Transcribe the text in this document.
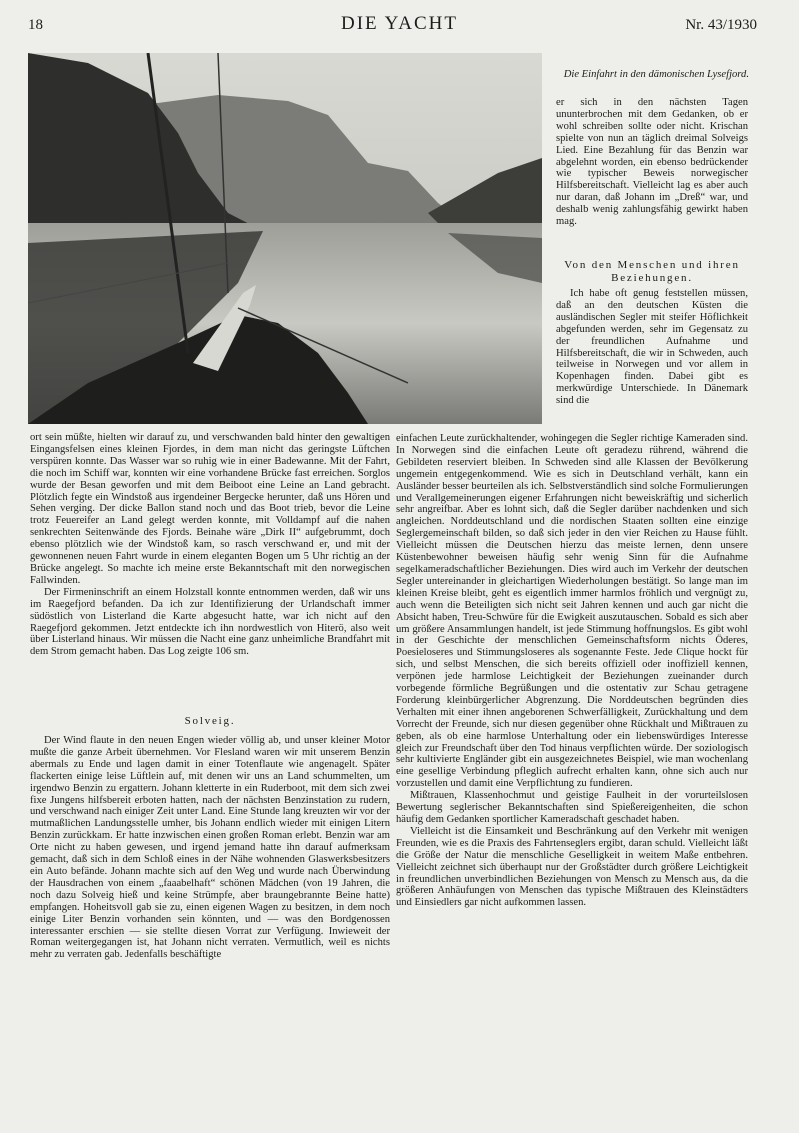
18	DIE YACHT	Nr. 43/1930
Die Einfahrt in den dämonischen Lysefjord.

er sich in den nächsten Tagen ununterbrochen mit dem Gedanken, ob er wohl schreiben sollte oder nicht. Krischan spielte von nun an täglich dreimal Solveigs Lied. Eine Bezahlung für das Benzin war abgelehnt worden, ein ebenso bedrückender wie typischer Beweis norwegischer Hilfsbereitschaft. Vielleicht lag es aber auch nur daran, daß Johann im „Dreß“ war, und deshalb wenig zahlungsfähig gewirkt haben mag.

Von den Menschen und ihren Beziehungen.

Ich habe oft genug feststellen müssen, daß an den deutschen Küsten die ausländischen Segler mit steifer Höflichkeit abgefunden werden, sehr im Gegensatz zu der freundlichen Aufnahme und Hilfsbereitschaft, die wir in Schweden, auch teilweise in Norwegen und vor allem in Kopenhagen finden. Dabei gibt es merkwürdige Unterschiede. In Dänemark sind die

ort sein müßte, hielten wir darauf zu, und verschwanden bald hinter den gewaltigen Eingangsfelsen eines kleinen Fjordes, in dem man nicht das geringste Lüftchen verspüren konnte. Das Wasser war so ruhig wie in einer Badewanne. Mit der Fahrt, die noch im Schiff war, konnten wir eine vorhandene Brücke fast erreichen. Sorglos wurde der Besan geworfen und mit dem Beiboot eine Leine an Land gebracht. Plötzlich fegte ein Windstoß aus irgendeiner Bergecke herunter, daß uns Hören und Sehen verging. Der dicke Ballon stand noch und das Boot trieb, bevor die Leine trotz Feuereifer an Land gelegt werden konnte, mit Volldampf auf die nahen senkrechten Seitenwände des Fjords. Beinahe wäre „Dirk II“ aufgebrummt, doch ebenso plötzlich wie der Windstoß kam, so rasch verschwand er, und mit der gewonnenen neuen Fahrt wurde in einem eleganten Bogen um 5 Uhr richtig an der Brücke angelegt. So machte ich meine erste Bekanntschaft mit den norwegischen Fallwinden.

Der Firmeninschrift an einem Holzstall konnte entnommen werden, daß wir uns im Raegefjord befanden. Da ich zur Identifizierung der Urlandschaft immer südöstlich von Listerland die Karte abgesucht hatte, war ich nicht auf den Raegefjord gekommen. Jetzt entdeckte ich ihn nordwestlich von Hiterö, also weit über Listerland hinaus. Wir müssen die Nacht eine ganz unheimliche Brandfahrt mit dem Strom gemacht haben. Das Log zeigte 106 sm.

Solveig.

Der Wind flaute in den neuen Engen wieder völlig ab, und unser kleiner Motor mußte die ganze Arbeit übernehmen. Vor Flesland waren wir mit unserem Benzin abermals zu Ende und lagen damit in einer Totenflaute wie angenagelt. Später flackerten einige leise Lüftlein auf, mit denen wir uns an Land schummelten, um irgendwo Benzin zu ergattern. Johann kletterte in ein Ruderboot, mit dem sich zwei fixe Jungens hilfsbereit erboten hatten, nach der nächsten Benzinstation zu rudern, und verschwand nach einiger Zeit unter Land. Eine Stunde lang kreuzten wir vor der mutmaßlichen Landungsstelle umher, bis Johann endlich wieder mit einigen Litern Benzin zurückkam. Er hatte inzwischen einen großen Roman erlebt. Benzin war am Orte nicht zu haben gewesen, und irgend jemand hatte ihn darauf aufmerksam gemacht, daß sich in dem Schloß eines in der Nähe wohnenden Glaswerksbesitzers ein Auto befände. Johann machte sich auf den Weg und wurde nach Überwindung der Hausdrachen von einem „faaabelhaft“ schönen Mädchen (von 19 Jahren, die noch dazu Solveig hieß und keine Strümpfe, aber braungebrannte Beine hatte) empfangen. Hoheitsvoll gab sie zu, einen eigenen Wagen zu besitzen, in dem noch einige Liter Benzin vorhanden sein könnten, und — was den Bordgenossen interessanter erschien — sie stellte diesen Vorrat zur Verfügung. Inwieweit der Roman weitergegangen ist, hat Johann nicht verraten. Vermutlich, weil es nichts mehr zu verraten gab. Jedenfalls beschäftigte

einfachen Leute zurückhaltender, wohingegen die Segler richtige Kameraden sind. In Norwegen sind die einfachen Leute oft geradezu rührend, während die Gebildeten reserviert bleiben. In Schweden sind alle Klassen der Bevölkerung ungemein entgegenkommend. Wie es sich in Deutschland verhält, kann ein Ausländer besser beurteilen als ich. Selbstverständlich sind solche Formulierungen und Verallgemeinerungen eigener Erfahrungen nicht beweiskräftig und sicherlich sehr angreifbar. Aber es lohnt sich, daß die Segler darüber nachdenken und sich angleichen. Norddeutschland und die nordischen Staaten sollten eine einzige Seglergemeinschaft bilden, so daß sich jeder in den vier Reichen zu Hause fühlt. Vielleicht müssen die Deutschen hierzu das meiste lernen, denn unsere Küstenbewohner beweisen häufig sehr wenig Sinn für die Aufnahme segelkameradschaftlicher Beziehungen. Dies wird auch im Verkehr der deutschen Segler untereinander in gleichartigen Wiederholungen bestätigt. So lange man im kleinen Kreise bleibt, geht es eigentlich immer harmlos fröhlich und vergnügt zu, auch wenn die Beteiligten sich nicht seit Jahren kennen und auch gar nicht die Absicht haben, Treu-Schwüre für die Ewigkeit auszutauschen. Sobald es sich aber um größere Ansammlungen handelt, ist jede Stimmung hoffnungslos. Es gibt wohl in der Geschichte der menschlichen Gemeinschaftsform nichts Öderes, Poesieloseres und Stimmungsloseres als sogenannte Feste. Jede Clique hockt für sich, und selbst Menschen, die sich bereits offiziell oder inoffiziell kennen, verpönen jede harmlose Leichtigkeit der Beziehungen zueinander durch vorbegende förmliche Begrüßungen und die ostentativ zur Schau getragene Forderung kleinbürgerlicher Abgrenzung. Die Norddeutschen begründen dies Verhalten mit einer ihnen angeborenen Schwerfälligkeit, Zurückhaltung und dem Vorrecht der Freunde, sich nur diesen gegenüber ohne Rückhalt und Mißtrauen zu geben, als ob eine harmlose Unterhaltung oder ein liebenswürdiges Interesse gleich zur Freundschaft über den Tod hinaus verpflichten würde. Der soziologisch sehr kultivierte Engländer gibt ein ausgezeichnetes Beispiel, wie man wochenlang eine gesellige Verbindung pfleglich aufrecht erhalten kann, ohne sich auch nur vorzustellen und damit eine Verpflichtung zu fundieren.

Mißtrauen, Klassenhochmut und geistige Faulheit in der vorurteilslosen Bewertung seglerischer Bekanntschaften sind Spießereigenheiten, die schon häufig dem Gedanken sportlicher Kameradschaft geschadet haben.

Vielleicht ist die Einsamkeit und Beschränkung auf den Verkehr mit wenigen Freunden, wie es die Praxis des Fahrtenseglers ergibt, daran schuld. Vielleicht läßt die Größe der Natur die menschliche Geselligkeit in weitem Maße entbehren. Vielleicht zeichnet sich überhaupt nur der Großstädter durch größere Leichtigkeit in freundlichen unverbindlichen Beziehungen von Mensch zu Mensch aus, da die größeren Anhäufungen von Menschen das typische Mißtrauen des Kleinstädters und Einsiedlers gar nicht aufkommen lassen.
